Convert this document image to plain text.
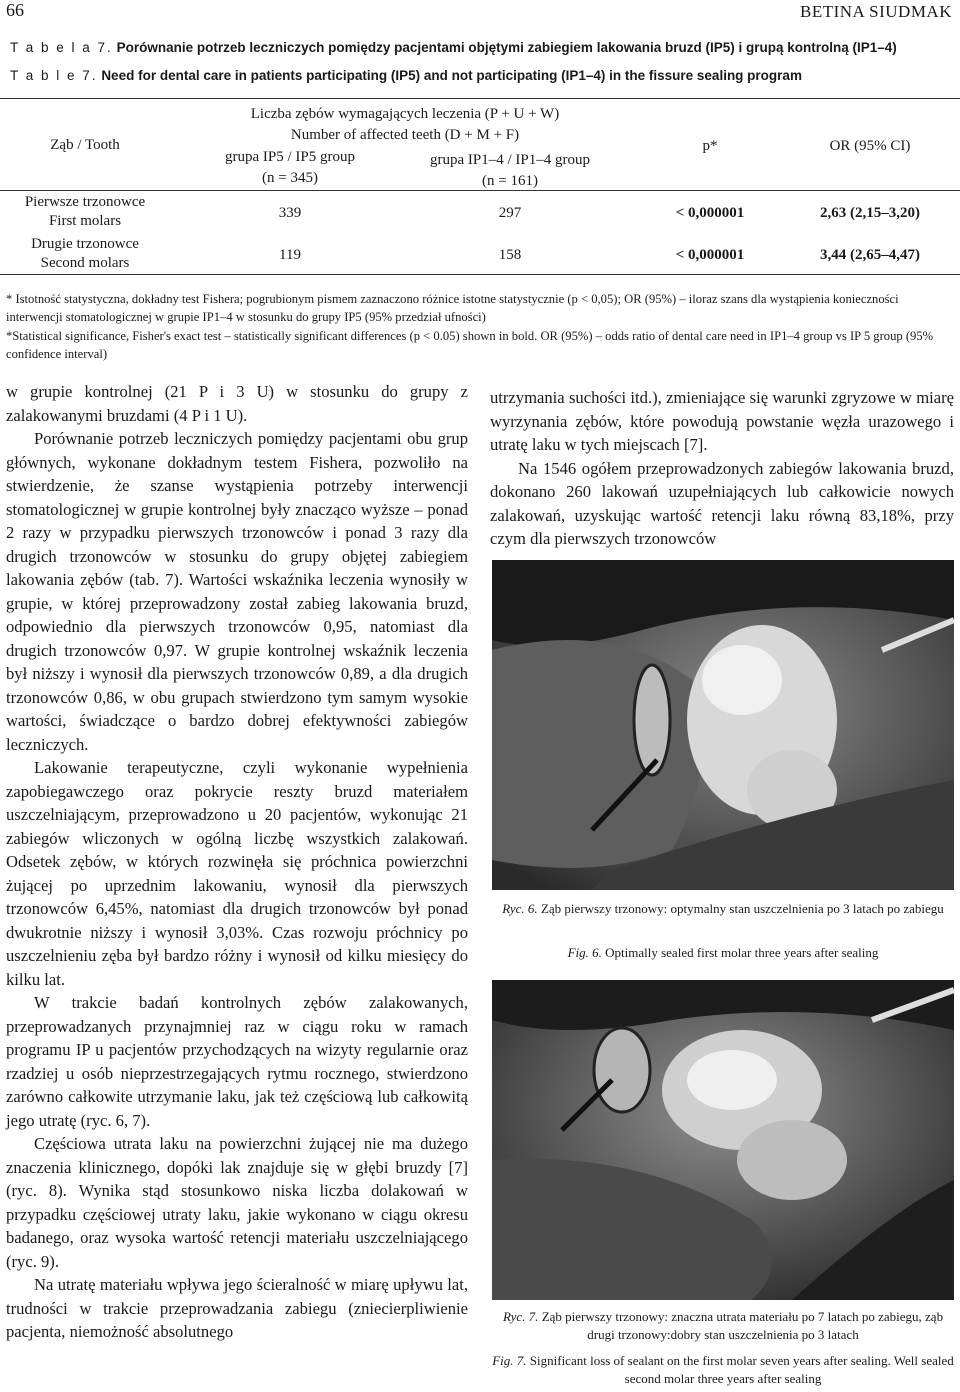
66	BETINA SIUDMAK
T a b e l a 7. Porównanie potrzeb leczniczych pomiędzy pacjentami objętymi zabiegiem lakowania bruzd (IP5) i grupą kontrolną (IP1–4)
T a b l e 7. Need for dental care in patients participating (IP5) and not participating (IP1–4) in the fissure sealing program
Ząb / Tooth
Liczba zębów wymagających leczenia (P + U + W)
Number of affected teeth (D + M + F)
grupa IP5 / IP5 group
(n = 345)
grupa IP1–4 / IP1–4 group
(n = 161)
p*	OR (95% CI)
Pierwsze trzonowce
First molars	339	297	< 0,000001	2,63 (2,15–3,20)
Drugie trzonowce
Second molars	119	158	< 0,000001	3,44 (2,65–4,47)
* Istotność statystyczna, dokładny test Fishera; pogrubionym pismem zaznaczono różnice istotne statystycznie (p < 0,05); OR (95%) – iloraz szans dla wystąpienia konieczności interwencji stomatologicznej w grupie IP1–4 w stosunku do grupy IP5 (95% przedział ufności)
*Statistical significance, Fisher's exact test – statistically significant differences (p < 0.05) shown in bold. OR (95%) – odds ratio of dental care need in IP1–4 group vs IP 5 group (95% confidence interval)

w grupie kontrolnej (21 P i 3 U) w stosunku do grupy z zalakowanymi bruzdami (4 P i 1 U).

Porównanie potrzeb leczniczych pomiędzy pacjentami obu grup głównych, wykonane dokładnym testem Fishera, pozwoliło na stwierdzenie, że szanse wystąpienia potrzeby interwencji stomatologicznej w grupie kontrolnej były znacząco wyższe – ponad 2 razy w przypadku pierwszych trzonowców i ponad 3 razy dla drugich trzonowców w stosunku do grupy objętej zabiegiem lakowania zębów (tab. 7). Wartości wskaźnika leczenia wynosiły w grupie, w której przeprowadzony został zabieg lakowania bruzd, odpowiednio dla pierwszych trzonowców 0,95, natomiast dla drugich trzonowców 0,97. W grupie kontrolnej wskaźnik leczenia był niższy i wynosił dla pierwszych trzonowców 0,89, a dla drugich trzonowców 0,86, w obu grupach stwierdzono tym samym wysokie wartości, świadczące o bardzo dobrej efektywności zabiegów leczniczych.

Lakowanie terapeutyczne, czyli wykonanie wypełnienia zapobiegawczego oraz pokrycie reszty bruzd materiałem uszczelniającym, przeprowadzono u 20 pacjentów, wykonując 21 zabiegów wliczonych w ogólną liczbę wszystkich zalakowań. Odsetek zębów, w których rozwinęła się próchnica powierzchni żującej po uprzednim lakowaniu, wynosił dla pierwszych trzonowców 6,45%, natomiast dla drugich trzonowców był ponad dwukrotnie niższy i wynosił 3,03%. Czas rozwoju próchnicy po uszczelnieniu zęba był bardzo różny i wynosił od kilku miesięcy do kilku lat.

W trakcie badań kontrolnych zębów zalakowanych, przeprowadzanych przynajmniej raz w ciągu roku w ramach programu IP u pacjentów przychodzących na wizyty regularnie oraz rzadziej u osób nieprzestrzegających rytmu rocznego, stwierdzono zarówno całkowite utrzymanie laku, jak też częściową lub całkowitą jego utratę (ryc. 6, 7).

Częściowa utrata laku na powierzchni żującej nie ma dużego znaczenia klinicznego, dopóki lak znajduje się w głębi bruzdy [7] (ryc. 8). Wynika stąd stosunkowo niska liczba dolakowań w przypadku częściowej utraty laku, jakie wykonano w ciągu okresu badanego, oraz wysoka wartość retencji materiału uszczelniającego (ryc. 9).

Na utratę materiału wpływa jego ścieralność w miarę upływu lat, trudności w trakcie przeprowadzania zabiegu (zniecierpliwienie pacjenta, niemożność absolutnego

utrzymania suchości itd.), zmieniające się warunki zgryzowe w miarę wyrzynania zębów, które powodują powstanie węzła urazowego i utratę laku w tych miejscach [7].

Na 1546 ogółem przeprowadzonych zabiegów lakowania bruzd, dokonano 260 lakowań uzupełniających lub całkowicie nowych zalakowań, uzyskując wartość retencji laku równą 83,18%, przy czym dla pierwszych trzonowców

Ryc. 6. Ząb pierwszy trzonowy: optymalny stan uszczelnienia po 3 latach po zabiegu
Fig. 6. Optimally sealed first molar three years after sealing
Ryc. 7. Ząb pierwszy trzonowy: znaczna utrata materiału po 7 latach po zabiegu, ząb drugi trzonowy:dobry stan uszczelnienia po 3 latach
Fig. 7. Significant loss of sealant on the first molar seven years after sealing. Well sealed second molar three years after sealing
